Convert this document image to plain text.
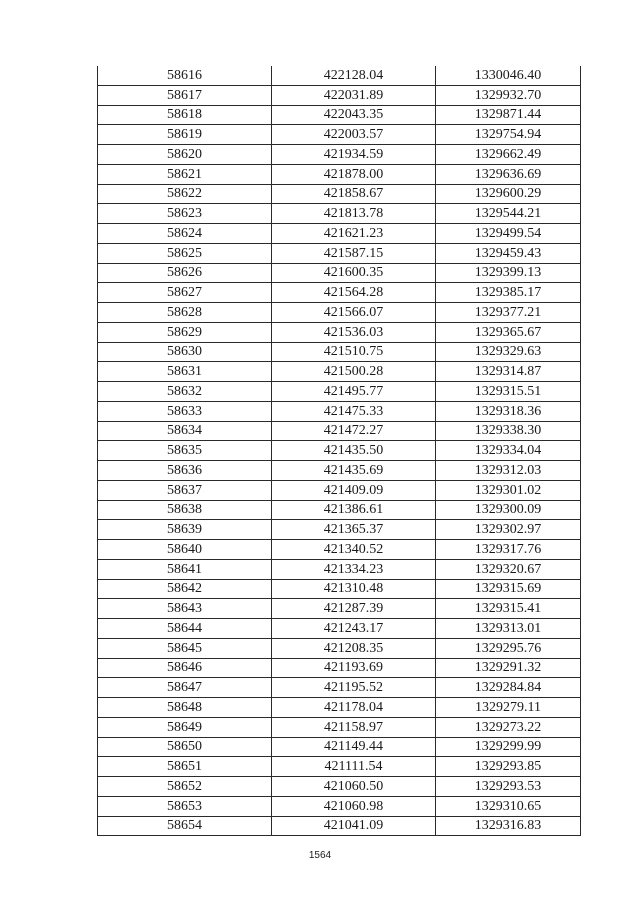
58616	422128.04	1330046.40
58617	422031.89	1329932.70
58618	422043.35	1329871.44
58619	422003.57	1329754.94
58620	421934.59	1329662.49
58621	421878.00	1329636.69
58622	421858.67	1329600.29
58623	421813.78	1329544.21
58624	421621.23	1329499.54
58625	421587.15	1329459.43
58626	421600.35	1329399.13
58627	421564.28	1329385.17
58628	421566.07	1329377.21
58629	421536.03	1329365.67
58630	421510.75	1329329.63
58631	421500.28	1329314.87
58632	421495.77	1329315.51
58633	421475.33	1329318.36
58634	421472.27	1329338.30
58635	421435.50	1329334.04
58636	421435.69	1329312.03
58637	421409.09	1329301.02
58638	421386.61	1329300.09
58639	421365.37	1329302.97
58640	421340.52	1329317.76
58641	421334.23	1329320.67
58642	421310.48	1329315.69
58643	421287.39	1329315.41
58644	421243.17	1329313.01
58645	421208.35	1329295.76
58646	421193.69	1329291.32
58647	421195.52	1329284.84
58648	421178.04	1329279.11
58649	421158.97	1329273.22
58650	421149.44	1329299.99
58651	421111.54	1329293.85
58652	421060.50	1329293.53
58653	421060.98	1329310.65
58654	421041.09	1329316.83
1564
